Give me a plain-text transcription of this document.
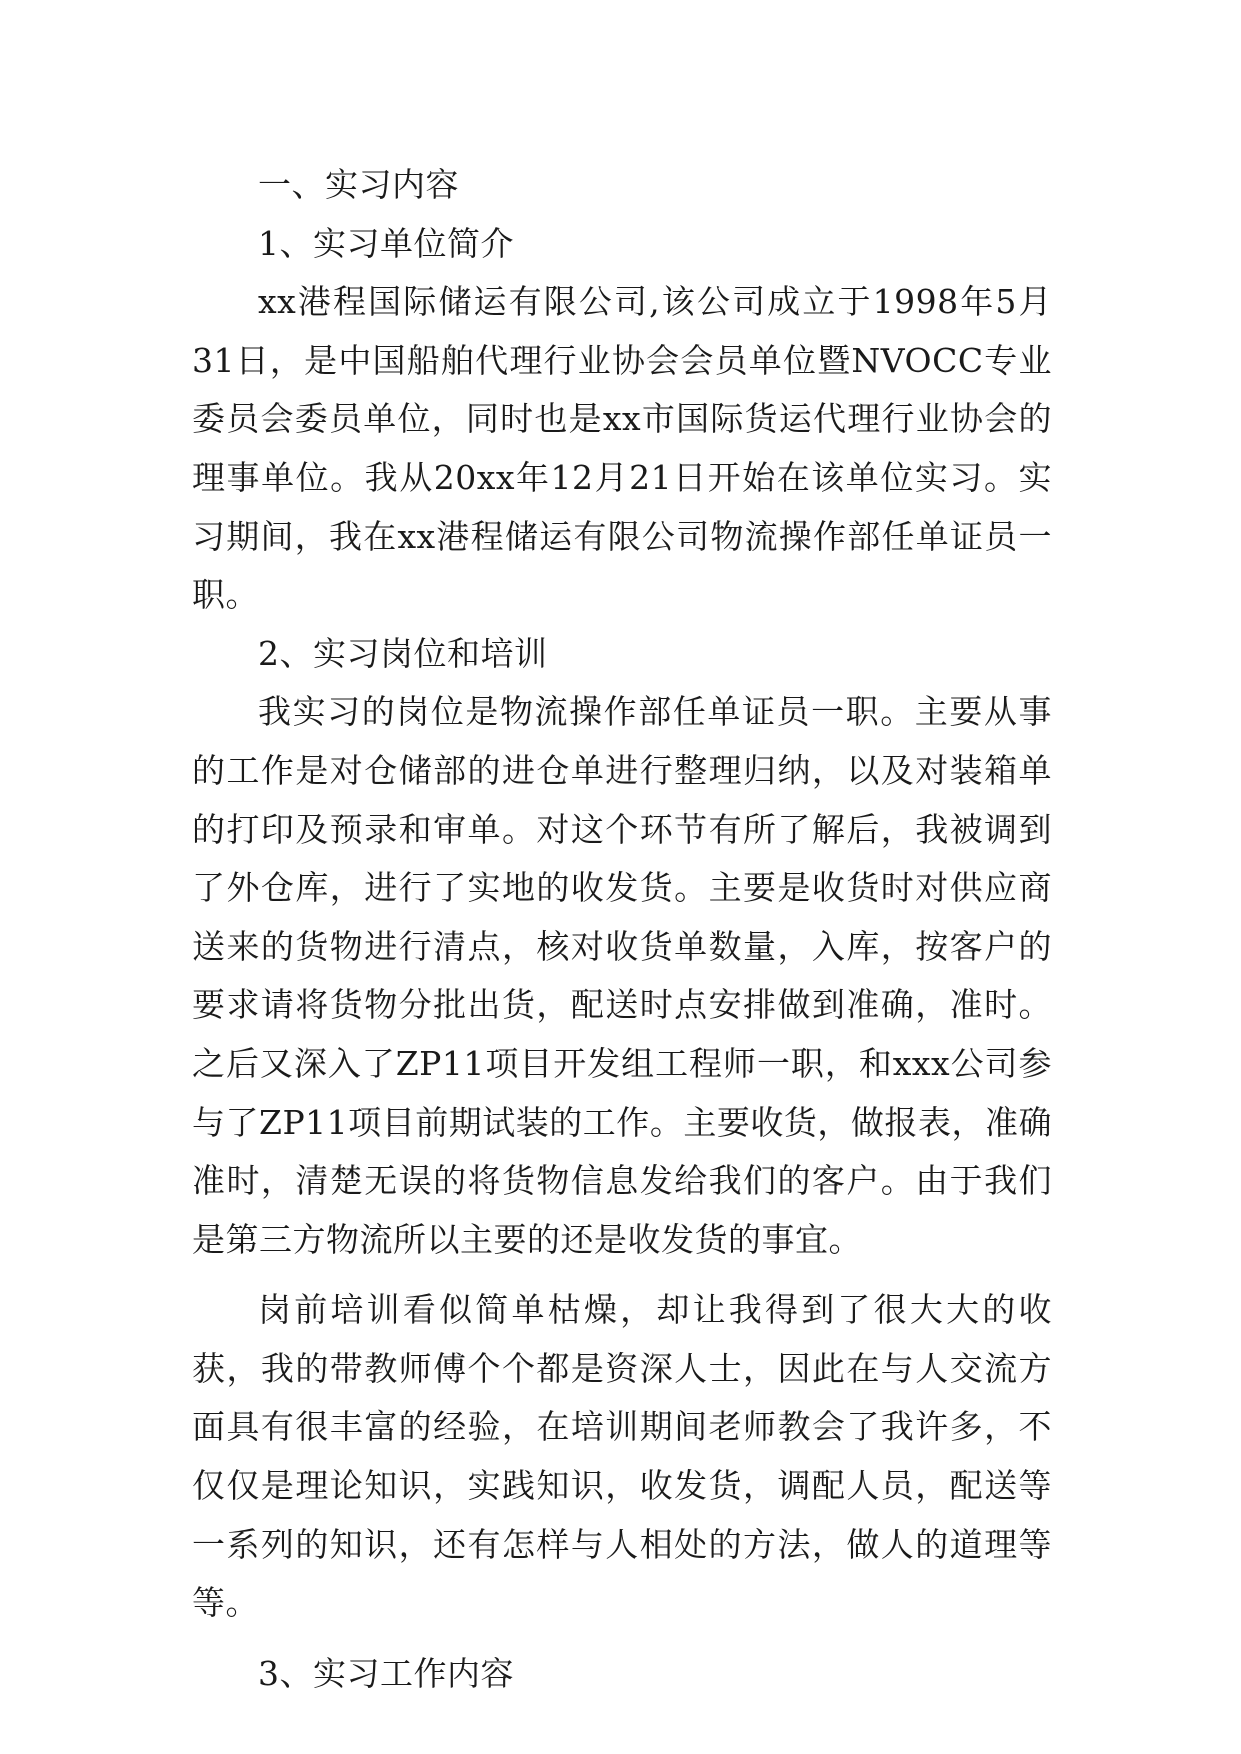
一、实习内容

1、实习单位简介

xx港程国际储运有限公司,该公司成立于1998年5月31日，是中国船舶代理行业协会会员单位暨NVOCC专业委员会委员单位，同时也是xx市国际货运代理行业协会的理事单位。我从20xx年12月21日开始在该单位实习。实习期间，我在xx港程储运有限公司物流操作部任单证员一职。

2、实习岗位和培训

我实习的岗位是物流操作部任单证员一职。主要从事的工作是对仓储部的进仓单进行整理归纳，以及对装箱单的打印及预录和审单。对这个环节有所了解后，我被调到了外仓库，进行了实地的收发货。主要是收货时对供应商送来的货物进行清点，核对收货单数量，入库，按客户的要求请将货物分批出货，配送时点安排做到准确，准时。之后又深入了ZP11项目开发组工程师一职，和xxx公司参与了ZP11项目前期试装的工作。主要收货，做报表，准确准时，清楚无误的将货物信息发给我们的客户。由于我们是第三方物流所以主要的还是收发货的事宜。

岗前培训看似简单枯燥，却让我得到了很大大的收获，我的带教师傅个个都是资深人士，因此在与人交流方面具有很丰富的经验，在培训期间老师教会了我许多，不仅仅是理论知识，实践知识，收发货，调配人员，配送等一系列的知识，还有怎样与人相处的方法，做人的道理等等。

3、实习工作内容
